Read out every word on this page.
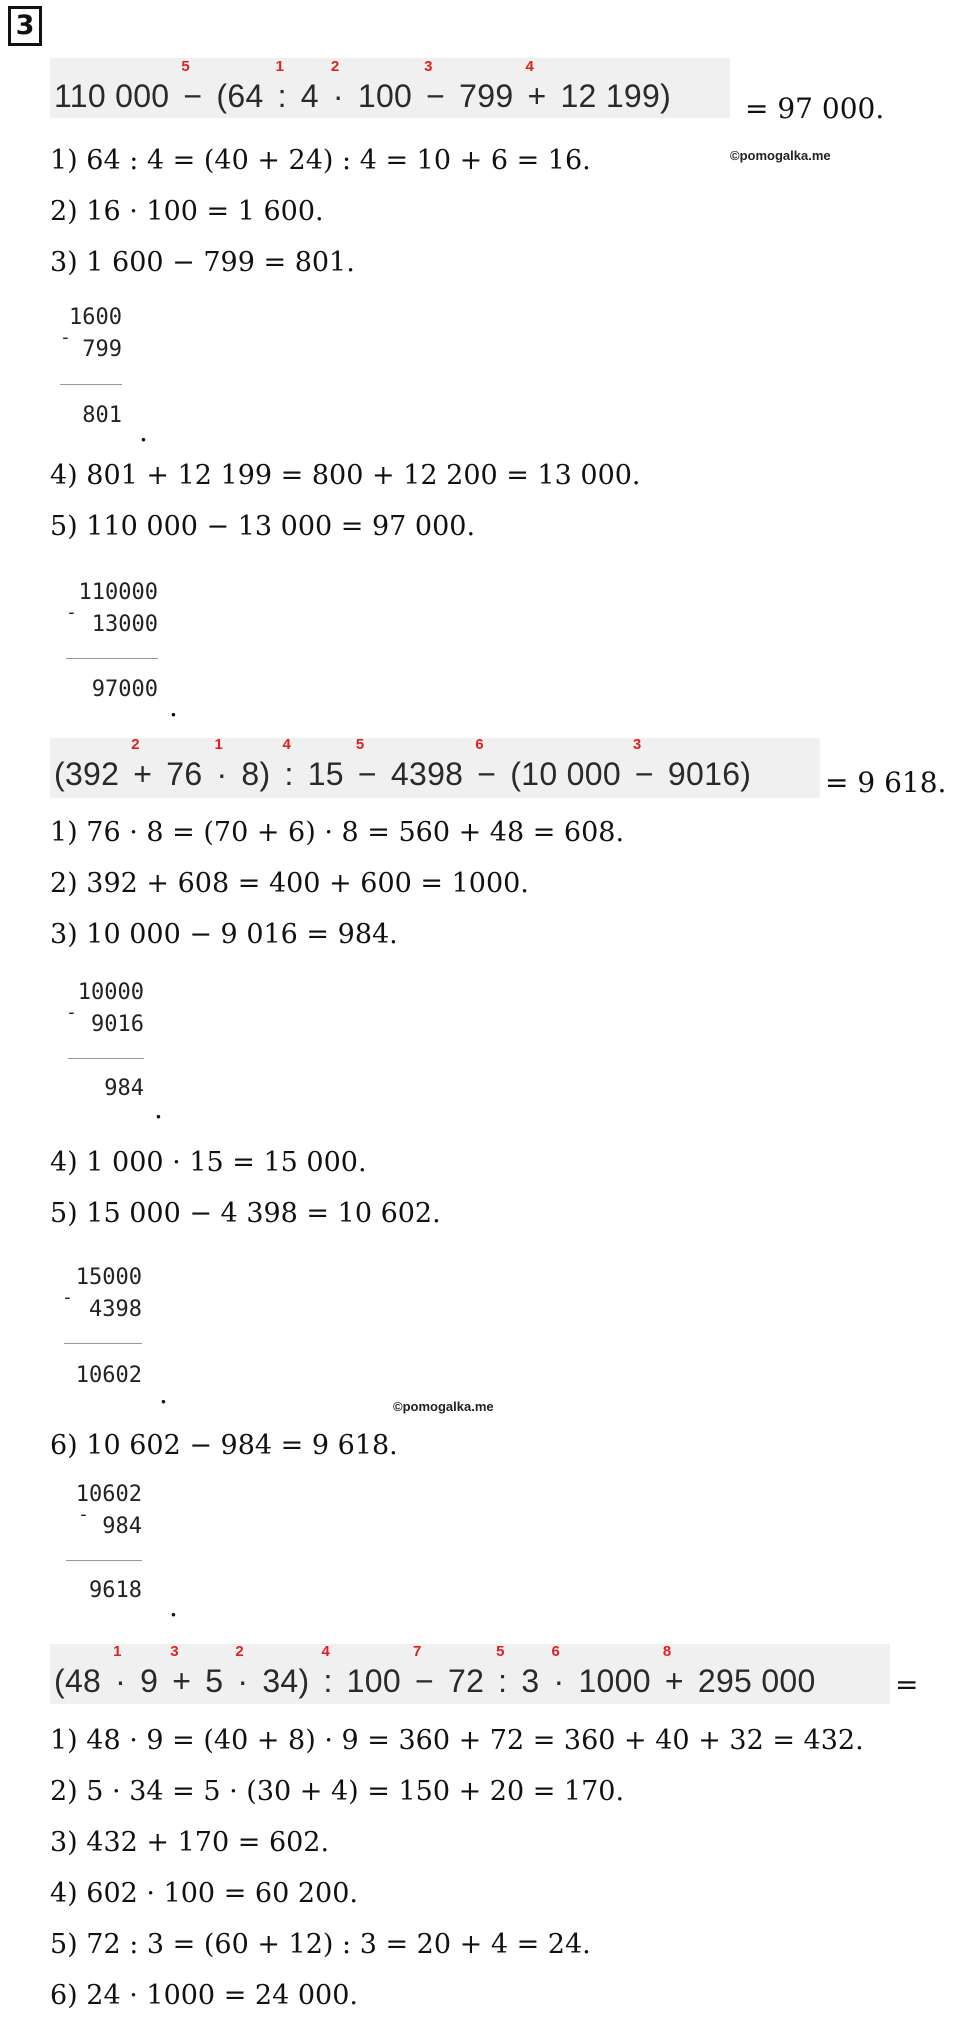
3
110 000 −
5
(64 :
1
4 ·
2
100 −
3
799 +
4
12 199)	= 97 000.
©pomogalka.me
1) 64 : 4 = (40 + 24) : 4 = 10 + 6 = 16.
2) 16 · 100 = 1 600.
3) 1 600 − 799 = 801.
1600
- 799
801 .
4) 801 + 12 199 = 800 + 12 200 = 13 000.
5) 110 000 − 13 000 = 97 000.
110000
- 13000
97000
.
(392 +
2
76 ·
1
8) :
4
15 −
5
4398 −
6
(10 000 −
3
9016)	= 9 618.
1) 76 · 8 = (70 + 6) · 8 = 560 + 48 = 608.
2) 392 + 608 = 400 + 600 = 1000.
3) 10 000 − 9 016 = 984.
10000
- 9016
984
.
4) 1 000 · 15 = 15 000.
5) 15 000 − 4 398 = 10 602.
15000
- 4398
10602
.	©pomogalka.me
6) 10 602 − 984 = 9 618.
10602
- 984
9618 .
(48 ·
1
9 +
3
5 ·
2
34) :
4
100 −
7
72 :
5
3 ·
6
1000 +
8
295 000	=
1) 48 · 9 = (40 + 8) · 9 = 360 + 72 = 360 + 40 + 32 = 432.
2) 5 · 34 = 5 · (30 + 4) = 150 + 20 = 170.
3) 432 + 170 = 602.
4) 602 · 100 = 60 200.
5) 72 : 3 = (60 + 12) : 3 = 20 + 4 = 24.
6) 24 · 1000 = 24 000.
